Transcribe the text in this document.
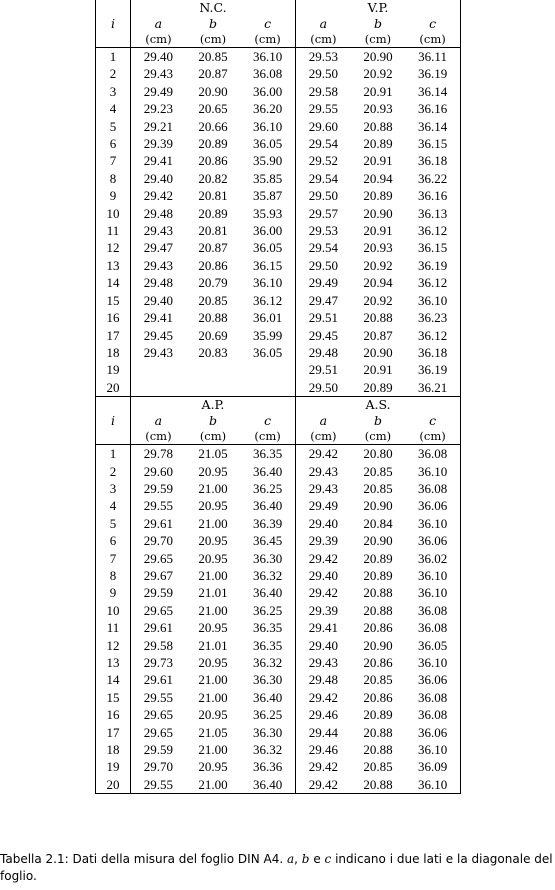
	N.C.			V.P.		
i	a	b	c	a	b	c
	(cm)	(cm)	(cm)	(cm)	(cm)	(cm)
1	29.40	20.85	36.10	29.53	20.90	36.11
2	29.43	20.87	36.08	29.50	20.92	36.19
3	29.49	20.90	36.00	29.58	20.91	36.14
4	29.23	20.65	36.20	29.55	20.93	36.16
5	29.21	20.66	36.10	29.60	20.88	36.14
6	29.39	20.89	36.05	29.54	20.89	36.15
7	29.41	20.86	35.90	29.52	20.91	36.18
8	29.40	20.82	35.85	29.54	20.94	36.22
9	29.42	20.81	35.87	29.50	20.89	36.16
10	29.48	20.89	35.93	29.57	20.90	36.13
11	29.43	20.81	36.00	29.53	20.91	36.12
12	29.47	20.87	36.05	29.54	20.93	36.15
13	29.43	20.86	36.15	29.50	20.92	36.19
14	29.48	20.79	36.10	29.49	20.94	36.12
15	29.40	20.85	36.12	29.47	20.92	36.10
16	29.41	20.88	36.01	29.51	20.88	36.23
17	29.45	20.69	35.99	29.45	20.87	36.12
18	29.43	20.83	36.05	29.48	20.90	36.18
19				29.51	20.91	36.19
20				29.50	20.89	36.21
	A.P.			A.S.		
i	a	b	c	a	b	c
	(cm)	(cm)	(cm)	(cm)	(cm)	(cm)
1	29.78	21.05	36.35	29.42	20.80	36.08
2	29.60	20.95	36.40	29.43	20.85	36.10
3	29.59	21.00	36.25	29.43	20.85	36.08
4	29.55	20.95	36.40	29.49	20.90	36.06
5	29.61	21.00	36.39	29.40	20.84	36.10
6	29.70	20.95	36.45	29.39	20.90	36.06
7	29.65	20.95	36.30	29.42	20.89	36.02
8	29.67	21.00	36.32	29.40	20.89	36.10
9	29.59	21.01	36.40	29.42	20.88	36.10
10	29.65	21.00	36.25	29.39	20.88	36.08
11	29.61	20.95	36.35	29.41	20.86	36.08
12	29.58	21.01	36.35	29.40	20.90	36.05
13	29.73	20.95	36.32	29.43	20.86	36.10
14	29.61	21.00	36.30	29.48	20.85	36.06
15	29.55	21.00	36.40	29.42	20.86	36.08
16	29.65	20.95	36.25	29.46	20.89	36.08
17	29.65	21.05	36.30	29.44	20.88	36.06
18	29.59	21.00	36.32	29.46	20.88	36.10
19	29.70	20.95	36.36	29.42	20.85	36.09
20	29.55	21.00	36.40	29.42	20.88	36.10
Tabella 2.1: Dati della misura del foglio DIN A4. a, b e c indicano i due lati e la diagonale del foglio.
